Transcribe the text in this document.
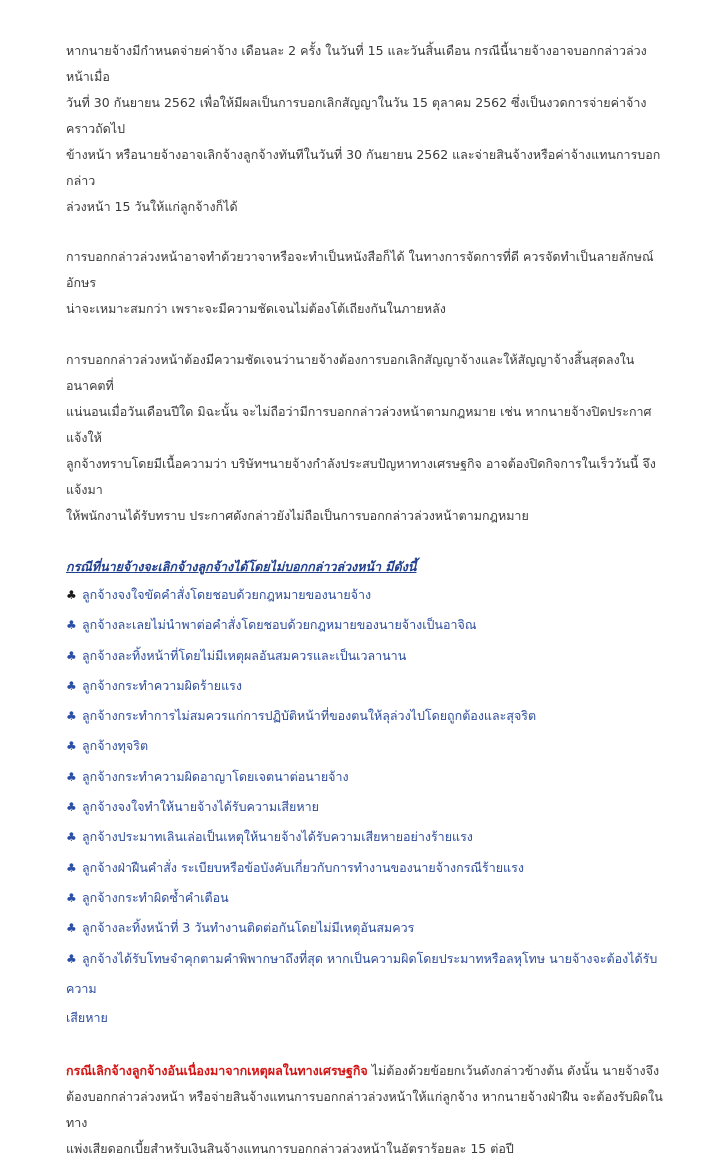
หากนายจ้างมีกำหนดจ่ายค่าจ้าง เดือนละ 2 ครั้ง ในวันที่ 15 และวันสิ้นเดือน กรณีนี้นายจ้างอาจบอกกล่าวล่วงหน้าเมื่อ

วันที่ 30 กันยายน 2562 เพื่อให้มีผลเป็นการบอกเลิกสัญญาในวัน 15 ตุลาคม 2562 ซึ่งเป็นงวดการจ่ายค่าจ้างคราวถัดไป

ข้างหน้า หรือนายจ้างอาจเลิกจ้างลูกจ้างทันทีในวันที่ 30 กันยายน 2562 และจ่ายสินจ้างหรือค่าจ้างแทนการบอกกล่าว

ล่วงหน้า 15 วันให้แก่ลูกจ้างก็ได้

การบอกกล่าวล่วงหน้าอาจทำด้วยวาจาหรือจะทำเป็นหนังสือก็ได้ ในทางการจัดการที่ดี ควรจัดทำเป็นลายลักษณ์อักษร

น่าจะเหมาะสมกว่า เพราะจะมีความชัดเจนไม่ต้องโต้เถียงกันในภายหลัง

การบอกกล่าวล่วงหน้าต้องมีความชัดเจนว่านายจ้างต้องการบอกเลิกสัญญาจ้างและให้สัญญาจ้างสิ้นสุดลงในอนาคตที่

แน่นอนเมื่อวันเดือนปีใด มิฉะนั้น จะไม่ถือว่ามีการบอกกล่าวล่วงหน้าตามกฎหมาย เช่น หากนายจ้างปิดประกาศแจ้งให้

ลูกจ้างทราบโดยมีเนื้อความว่า บริษัทฯนายจ้างกำลังประสบปัญหาทางเศรษฐกิจ อาจต้องปิดกิจการในเร็ววันนี้ จึงแจ้งมา

ให้พนักงานได้รับทราบ ประกาศดังกล่าวยังไม่ถือเป็นการบอกกล่าวล่วงหน้าตามกฎหมาย

กรณีที่นายจ้างจะเลิกจ้างลูกจ้างได้โดยไม่บอกกล่าวล่วงหน้า มีดังนี้
♣ ลูกจ้างจงใจขัดคำสั่งโดยชอบด้วยกฎหมายของนายจ้าง
♣ ลูกจ้างละเลยไม่นำพาต่อคำสั่งโดยชอบด้วยกฎหมายของนายจ้างเป็นอาจิณ
♣ ลูกจ้างละทิ้งหน้าที่โดยไม่มีเหตุผลอันสมควรและเป็นเวลานาน
♣ ลูกจ้างกระทำความผิดร้ายแรง
♣ ลูกจ้างกระทำการไม่สมควรแก่การปฏิบัติหน้าที่ของตนให้ลุล่วงไปโดยถูกต้องและสุจริต
♣ ลูกจ้างทุจริต
♣ ลูกจ้างกระทำความผิดอาญาโดยเจตนาต่อนายจ้าง
♣ ลูกจ้างจงใจทำให้นายจ้างได้รับความเสียหาย
♣ ลูกจ้างประมาทเลินเล่อเป็นเหตุให้นายจ้างได้รับความเสียหายอย่างร้ายแรง
♣ ลูกจ้างฝ่าฝืนคำสั่ง ระเบียบหรือข้อบังคับเกี่ยวกับการทำงานของนายจ้างกรณีร้ายแรง
♣ ลูกจ้างกระทำผิดซ้ำคำเตือน
♣ ลูกจ้างละทิ้งหน้าที่ 3 วันทำงานติดต่อกันโดยไม่มีเหตุอันสมควร
♣ ลูกจ้างได้รับโทษจำคุกตามคำพิพากษาถึงที่สุด หากเป็นความผิดโดยประมาทหรือลหุโทษ นายจ้างจะต้องได้รับความ
เสียหาย

กรณีเลิกจ้างลูกจ้างอันเนื่องมาจากเหตุผลในทางเศรษฐกิจ ไม่ต้องด้วยข้อยกเว้นดังกล่าวข้างต้น ดังนั้น นายจ้างจึง

ต้องบอกกล่าวล่วงหน้า หรือจ่ายสินจ้างแทนการบอกกล่าวล่วงหน้าให้แก่ลูกจ้าง หากนายจ้างฝ่าฝืน จะต้องรับผิดในทาง

แพ่งเสียดอกเบี้ยสำหรับเงินสินจ้างแทนการบอกกล่าวล่วงหน้าในอัตราร้อยละ 15 ต่อปี
